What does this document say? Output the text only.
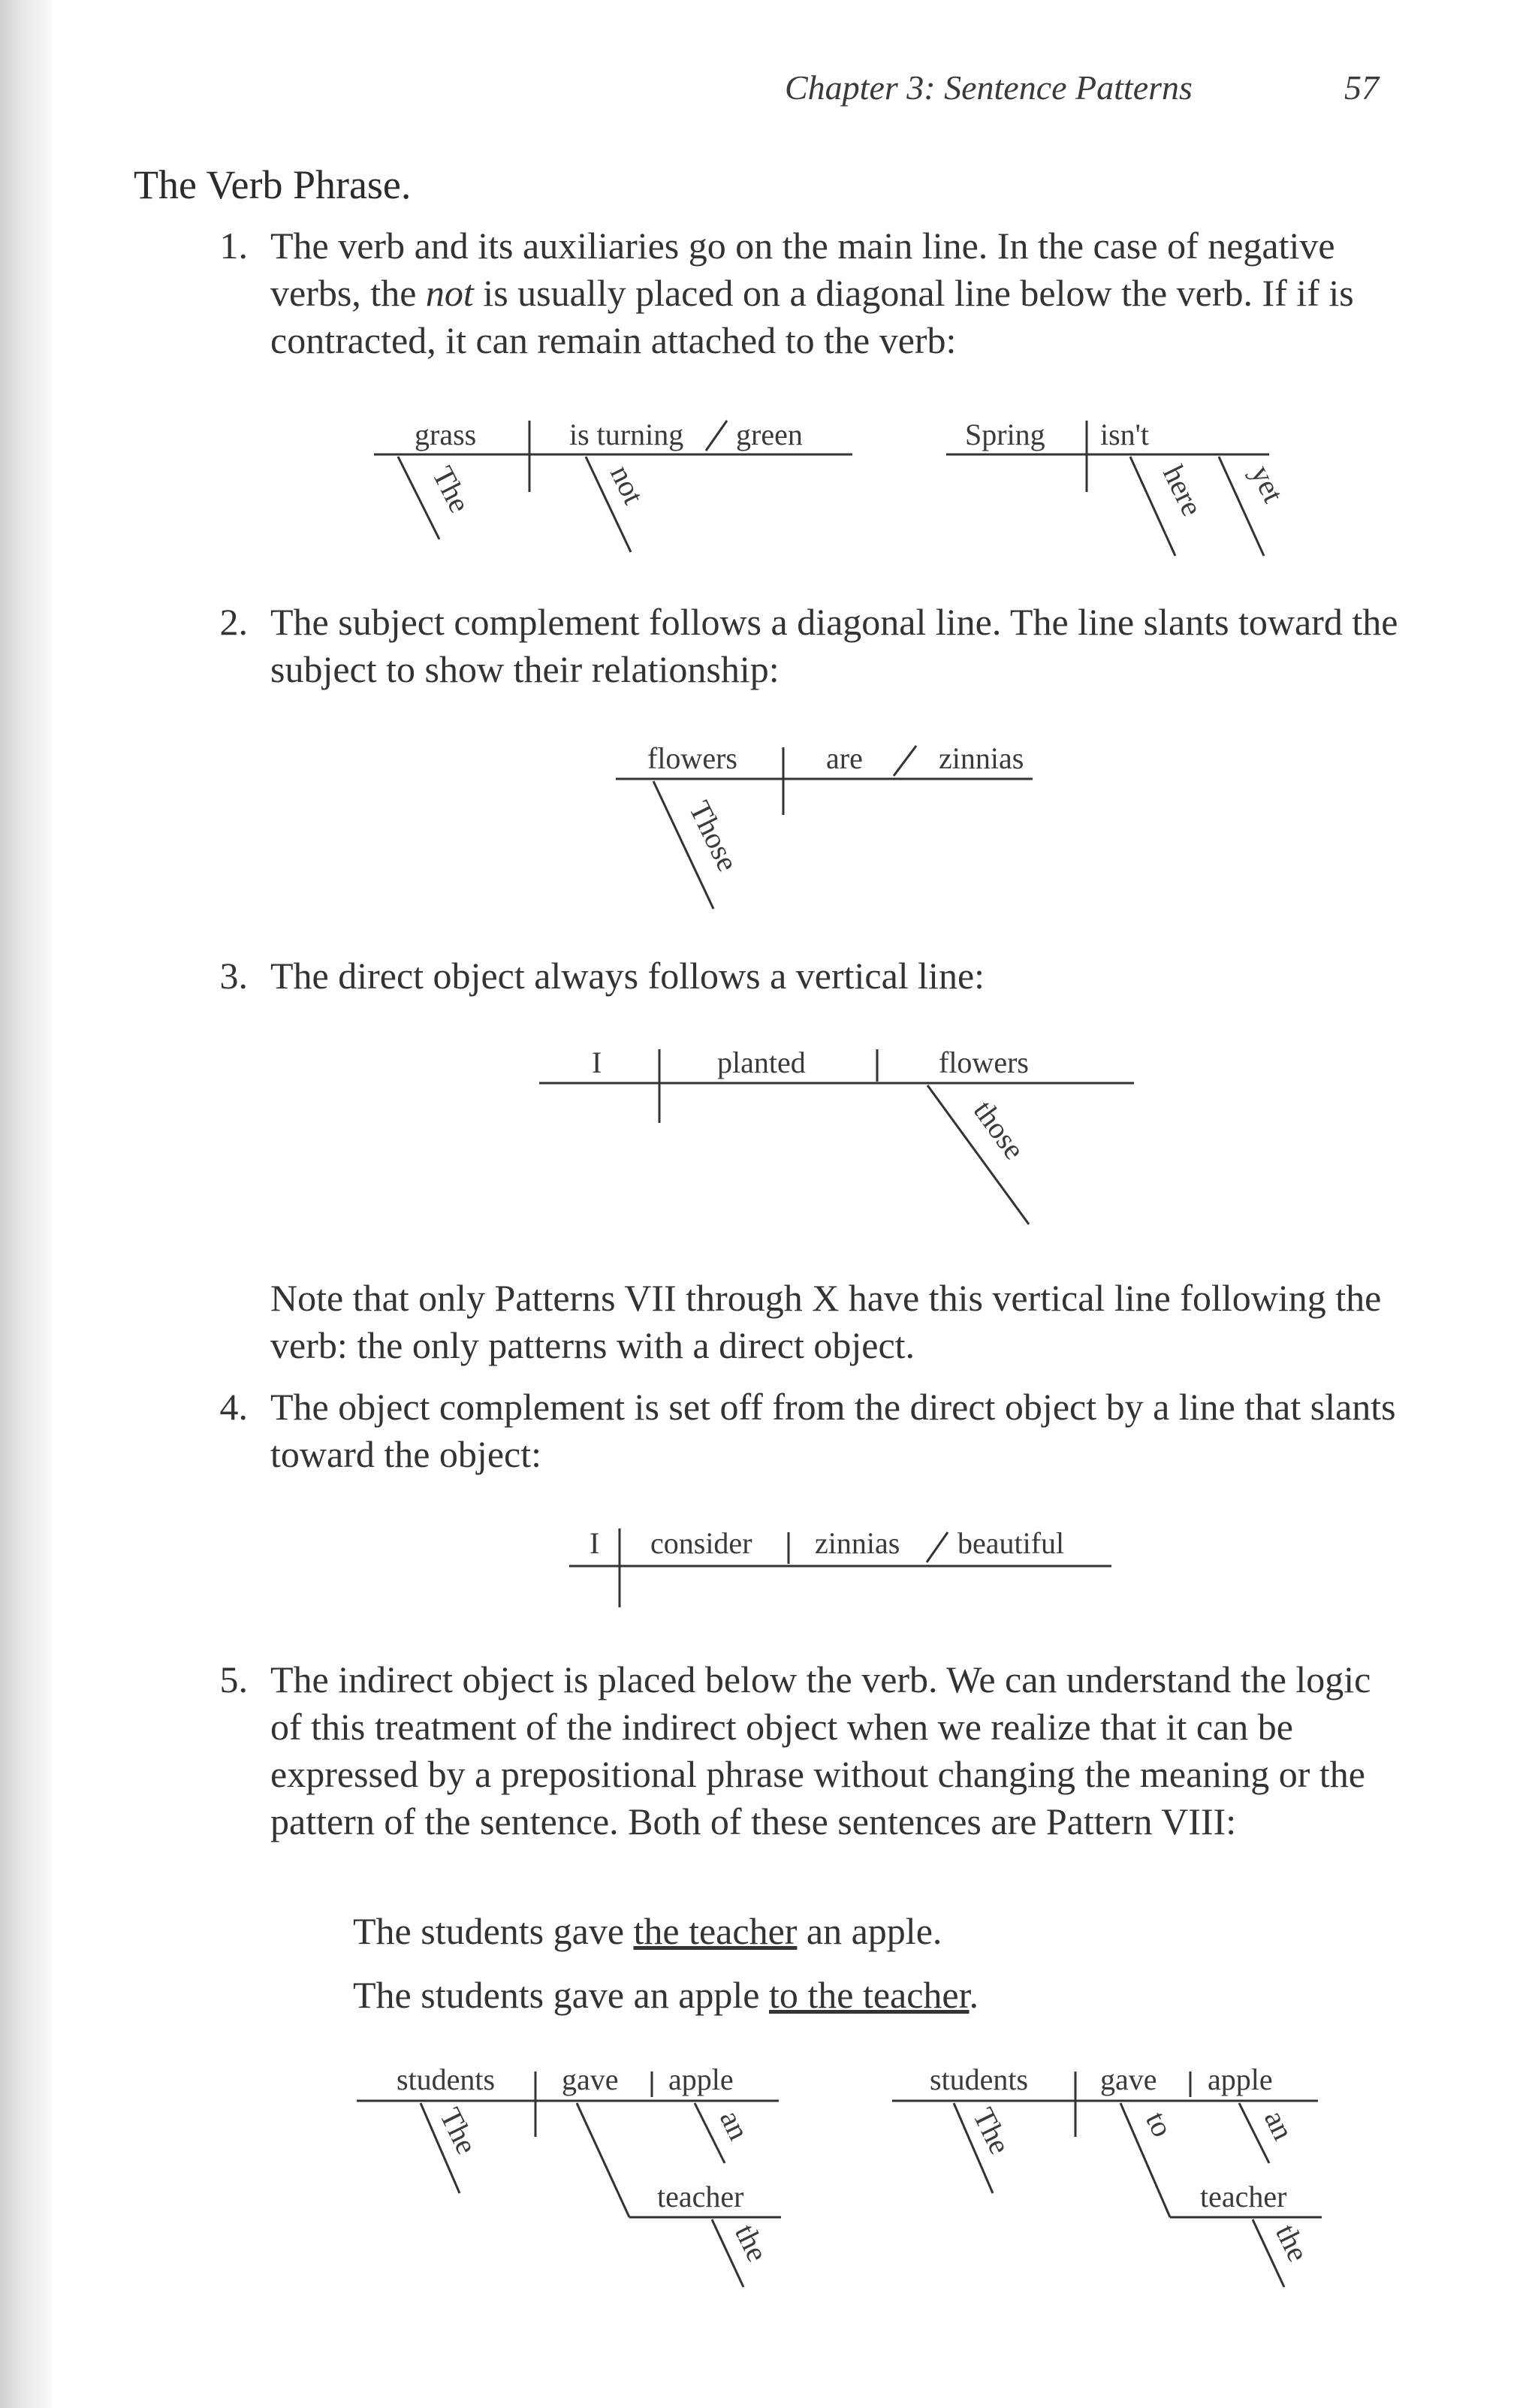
Chapter 3: Sentence Patterns	57
The Verb Phrase.
1. The verb and its auxiliaries go on the main line. In the case of negative verbs, the not is usually placed on a diagonal line below the verb. If if is contracted, it can remain attached to the verb:
2. The subject complement follows a diagonal line. The line slants toward the subject to show their relationship:
3. The direct object always follows a vertical line:
Note that only Patterns VII through X have this vertical line following the verb: the only patterns with a direct object.
4. The object complement is set off from the direct object by a line that slants toward the object:
5. The indirect object is placed below the verb. We can understand the logic of this treatment of the indirect object when we realize that it can be expressed by a prepositional phrase without changing the meaning or the pattern of the sentence. Both of these sentences are Pattern VIII:
The students gave the teacher an apple.
The students gave an apple to the teacher.
grass	is turning green
The	not
Spring isn't
here yet
flowers	are	zinnias
Those
I	planted	flowers
those
I consider zinnias beautiful
students gave apple
The	an
teacher
the
students gave apple
The	to	an
teacher
the
